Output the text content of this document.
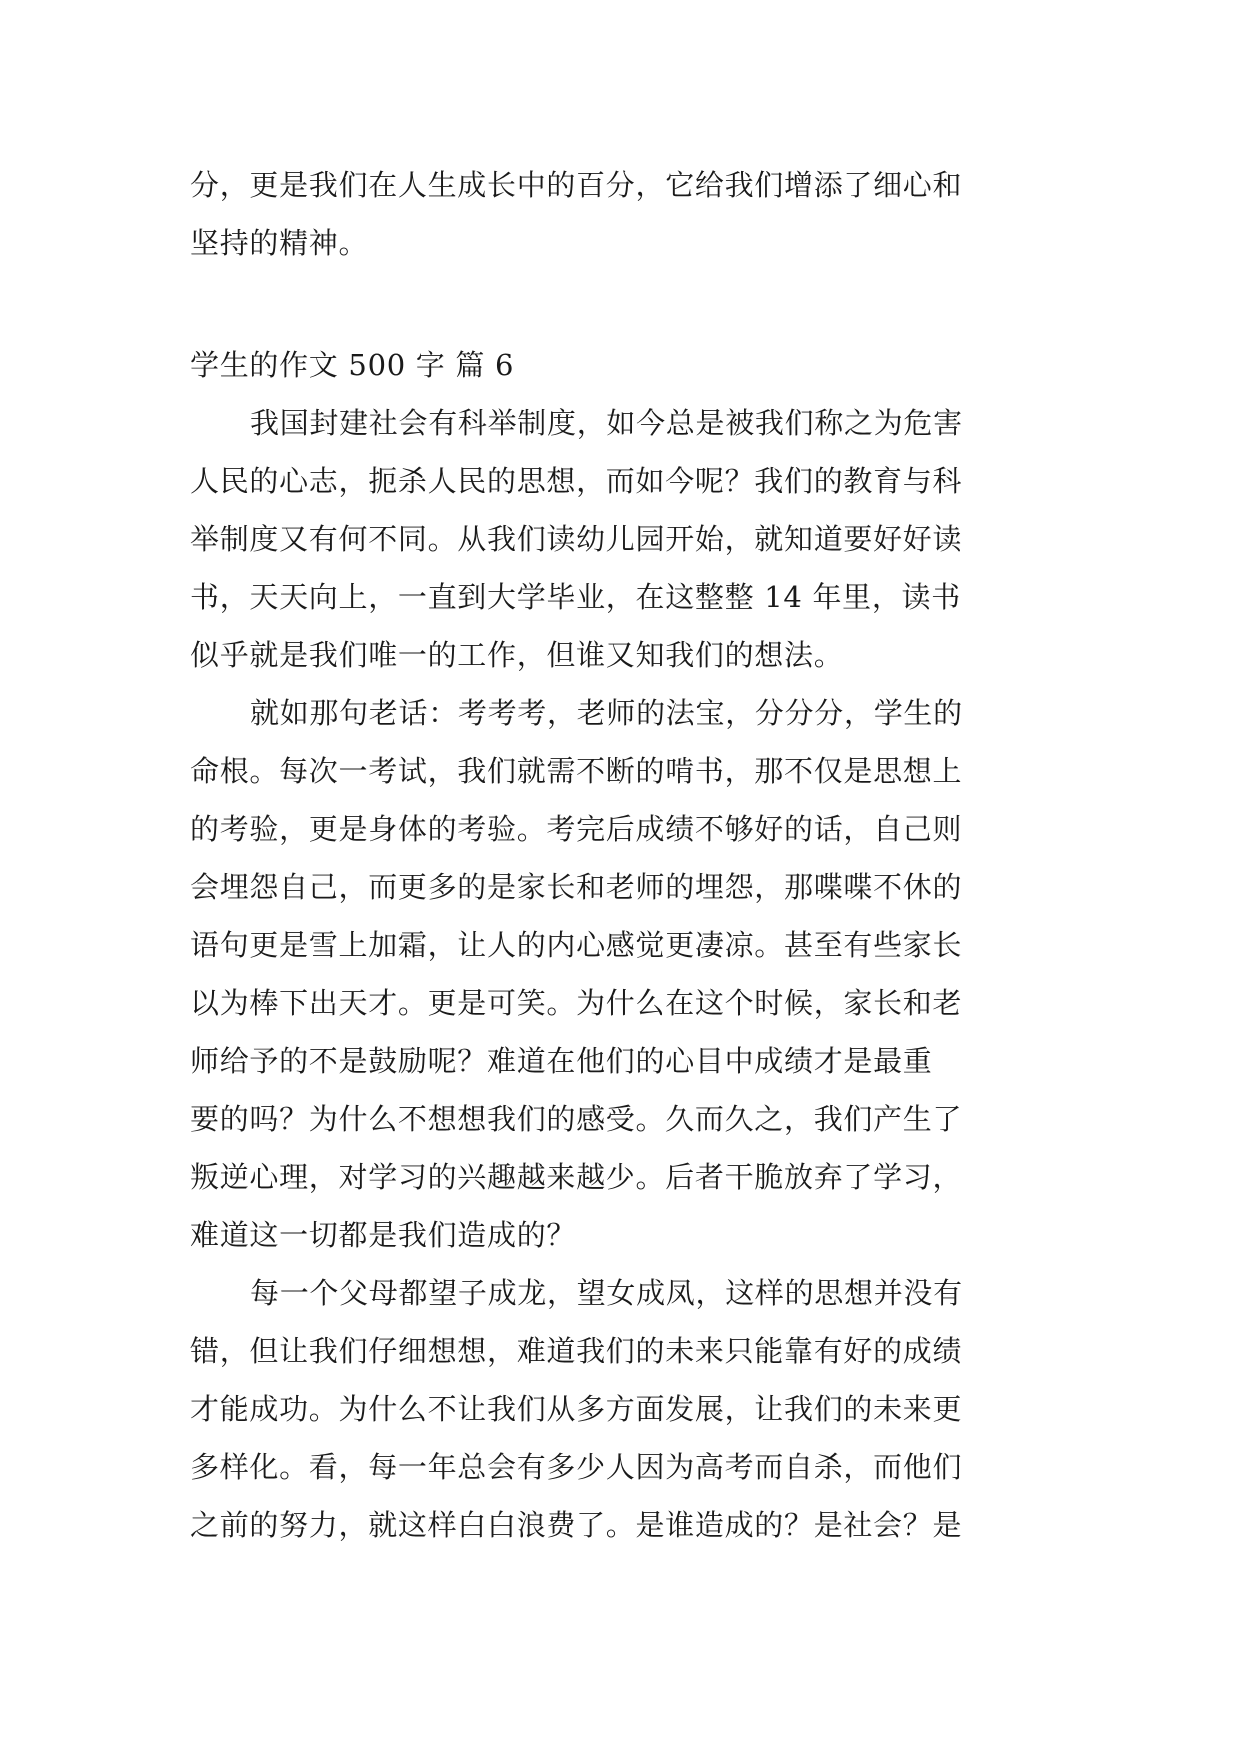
分，更是我们在人生成长中的百分，它给我们增添了细心和
坚持的精神。
学生的作文 500 字 篇 6
我国封建社会有科举制度，如今总是被我们称之为危害
人民的心志，扼杀人民的思想，而如今呢？我们的教育与科
举制度又有何不同。从我们读幼儿园开始，就知道要好好读
书，天天向上，一直到大学毕业，在这整整 14 年里，读书
似乎就是我们唯一的工作，但谁又知我们的想法。
就如那句老话：考考考，老师的法宝，分分分，学生的
命根。每次一考试，我们就需不断的啃书，那不仅是思想上
的考验，更是身体的考验。考完后成绩不够好的话，自己则
会埋怨自己，而更多的是家长和老师的埋怨，那喋喋不休的
语句更是雪上加霜，让人的内心感觉更凄凉。甚至有些家长
以为棒下出天才。更是可笑。为什么在这个时候，家长和老
师给予的不是鼓励呢？难道在他们的心目中成绩才是最重
要的吗？为什么不想想我们的感受。久而久之，我们产生了
叛逆心理，对学习的兴趣越来越少。后者干脆放弃了学习，
难道这一切都是我们造成的？
每一个父母都望子成龙，望女成凤，这样的思想并没有
错，但让我们仔细想想，难道我们的未来只能靠有好的成绩
才能成功。为什么不让我们从多方面发展，让我们的未来更
多样化。看，每一年总会有多少人因为高考而自杀，而他们
之前的努力，就这样白白浪费了。是谁造成的？是社会？是
